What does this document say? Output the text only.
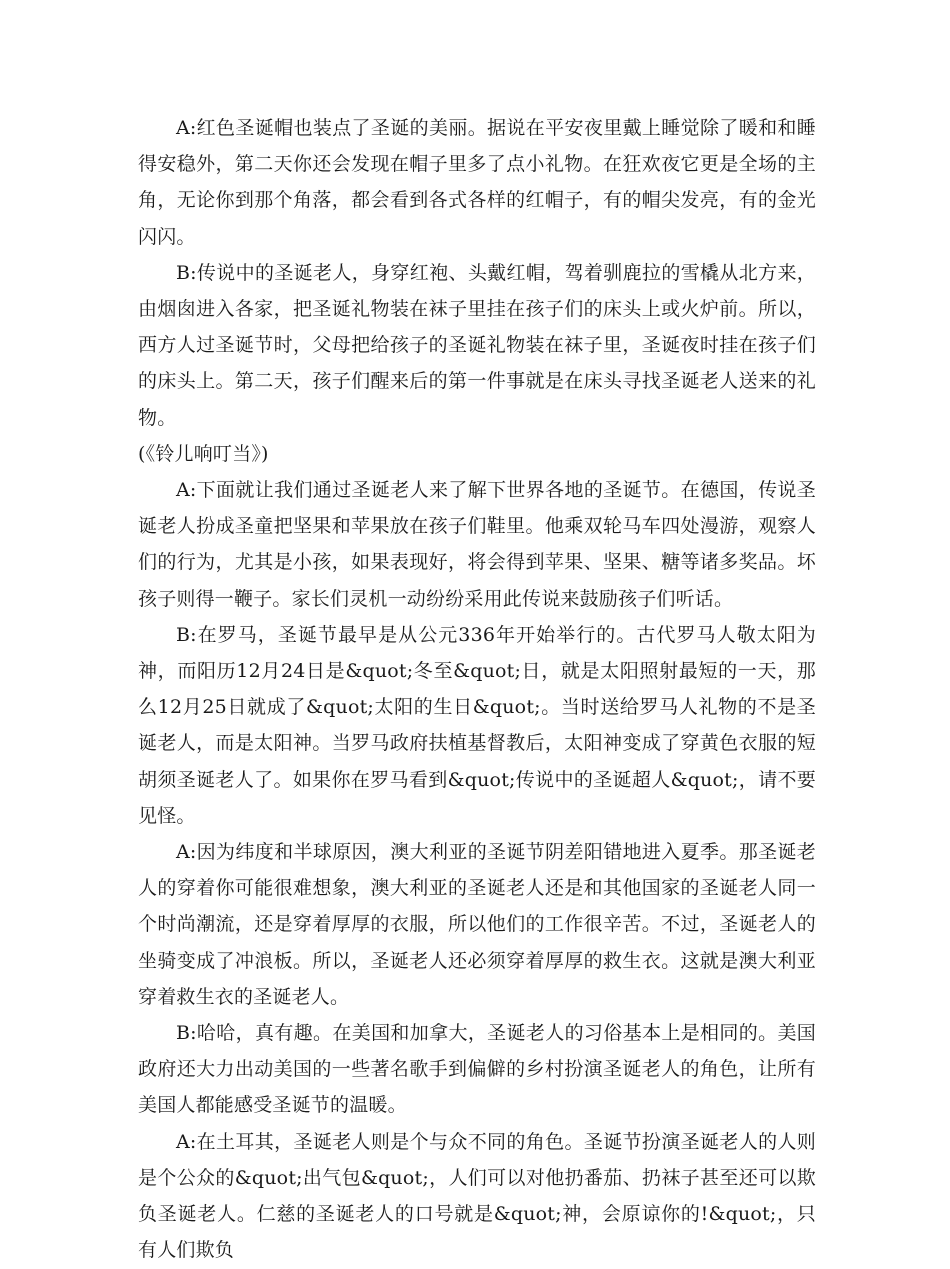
A:红色圣诞帽也装点了圣诞的美丽。据说在平安夜里戴上睡觉除了暖和和睡得安稳外，第二天你还会发现在帽子里多了点小礼物。在狂欢夜它更是全场的主角，无论你到那个角落，都会看到各式各样的红帽子，有的帽尖发亮，有的金光闪闪。

B:传说中的圣诞老人，身穿红袍、头戴红帽，驾着驯鹿拉的雪橇从北方来，由烟囱进入各家，把圣诞礼物装在袜子里挂在孩子们的床头上或火炉前。所以，西方人过圣诞节时，父母把给孩子的圣诞礼物装在袜子里，圣诞夜时挂在孩子们的床头上。第二天，孩子们醒来后的第一件事就是在床头寻找圣诞老人送来的礼物。

(《铃儿响叮当》)

A:下面就让我们通过圣诞老人来了解下世界各地的圣诞节。在德国，传说圣诞老人扮成圣童把坚果和苹果放在孩子们鞋里。他乘双轮马车四处漫游，观察人们的行为，尤其是小孩，如果表现好，将会得到苹果、坚果、糖等诸多奖品。坏孩子则得一鞭子。家长们灵机一动纷纷采用此传说来鼓励孩子们听话。

B:在罗马，圣诞节最早是从公元336年开始举行的。古代罗马人敬太阳为神，而阳历12月24日是&quot;冬至&quot;日，就是太阳照射最短的一天，那么12月25日就成了&quot;太阳的生日&quot;。当时送给罗马人礼物的不是圣诞老人，而是太阳神。当罗马政府扶植基督教后，太阳神变成了穿黄色衣服的短胡须圣诞老人了。如果你在罗马看到&quot;传说中的圣诞超人&quot;，请不要见怪。

A:因为纬度和半球原因，澳大利亚的圣诞节阴差阳错地进入夏季。那圣诞老人的穿着你可能很难想象，澳大利亚的圣诞老人还是和其他国家的圣诞老人同一个时尚潮流，还是穿着厚厚的衣服，所以他们的工作很辛苦。不过，圣诞老人的坐骑变成了冲浪板。所以，圣诞老人还必须穿着厚厚的救生衣。这就是澳大利亚穿着救生衣的圣诞老人。

B:哈哈，真有趣。在美国和加拿大，圣诞老人的习俗基本上是相同的。美国政府还大力出动美国的一些著名歌手到偏僻的乡村扮演圣诞老人的角色，让所有美国人都能感受圣诞节的温暖。

A:在土耳其，圣诞老人则是个与众不同的角色。圣诞节扮演圣诞老人的人则是个公众的&quot;出气包&quot;，人们可以对他扔番茄、扔袜子甚至还可以欺负圣诞老人。仁慈的圣诞老人的口号就是&quot;神，会原谅你的!&quot;，只有人们欺负
